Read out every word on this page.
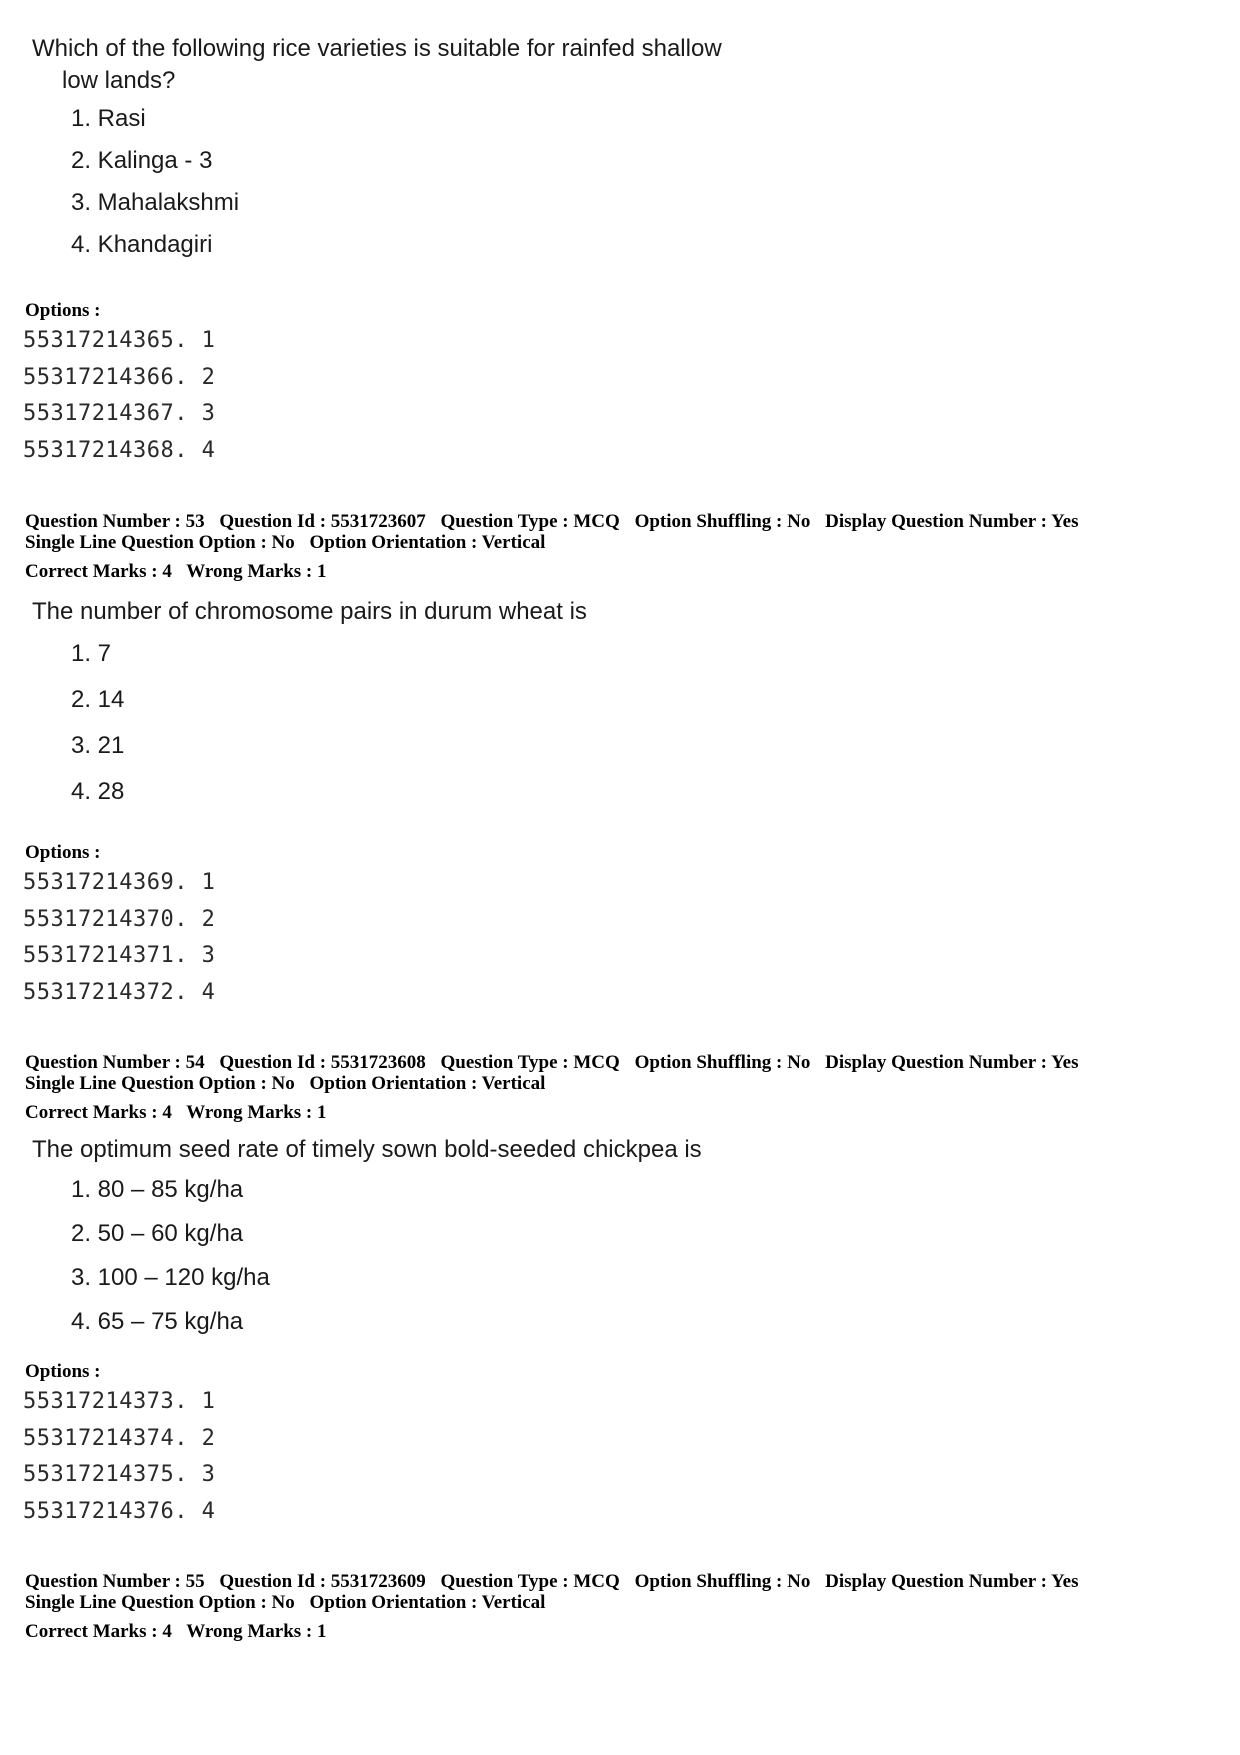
Which of the following rice varieties is suitable for rainfed shallow

low lands?

1. Rasi
2. Kalinga - 3
3. Mahalakshmi
4. Khandagiri
Options :
55317214365. 1
55317214366. 2
55317214367. 3
55317214368. 4
Question Number : 53 Question Id : 5531723607 Question Type : MCQ Option Shuffling : No Display Question Number : Yes
Single Line Question Option : No Option Orientation : Vertical
Correct Marks : 4 Wrong Marks : 1

The number of chromosome pairs in durum wheat is

1. 7
2. 14
3. 21
4. 28
Options :
55317214369. 1
55317214370. 2
55317214371. 3
55317214372. 4
Question Number : 54 Question Id : 5531723608 Question Type : MCQ Option Shuffling : No Display Question Number : Yes
Single Line Question Option : No Option Orientation : Vertical
Correct Marks : 4 Wrong Marks : 1

The optimum seed rate of timely sown bold-seeded chickpea is

1. 80 – 85 kg/ha
2. 50 – 60 kg/ha
3. 100 – 120 kg/ha
4. 65 – 75 kg/ha
Options :
55317214373. 1
55317214374. 2
55317214375. 3
55317214376. 4
Question Number : 55 Question Id : 5531723609 Question Type : MCQ Option Shuffling : No Display Question Number : Yes
Single Line Question Option : No Option Orientation : Vertical
Correct Marks : 4 Wrong Marks : 1
